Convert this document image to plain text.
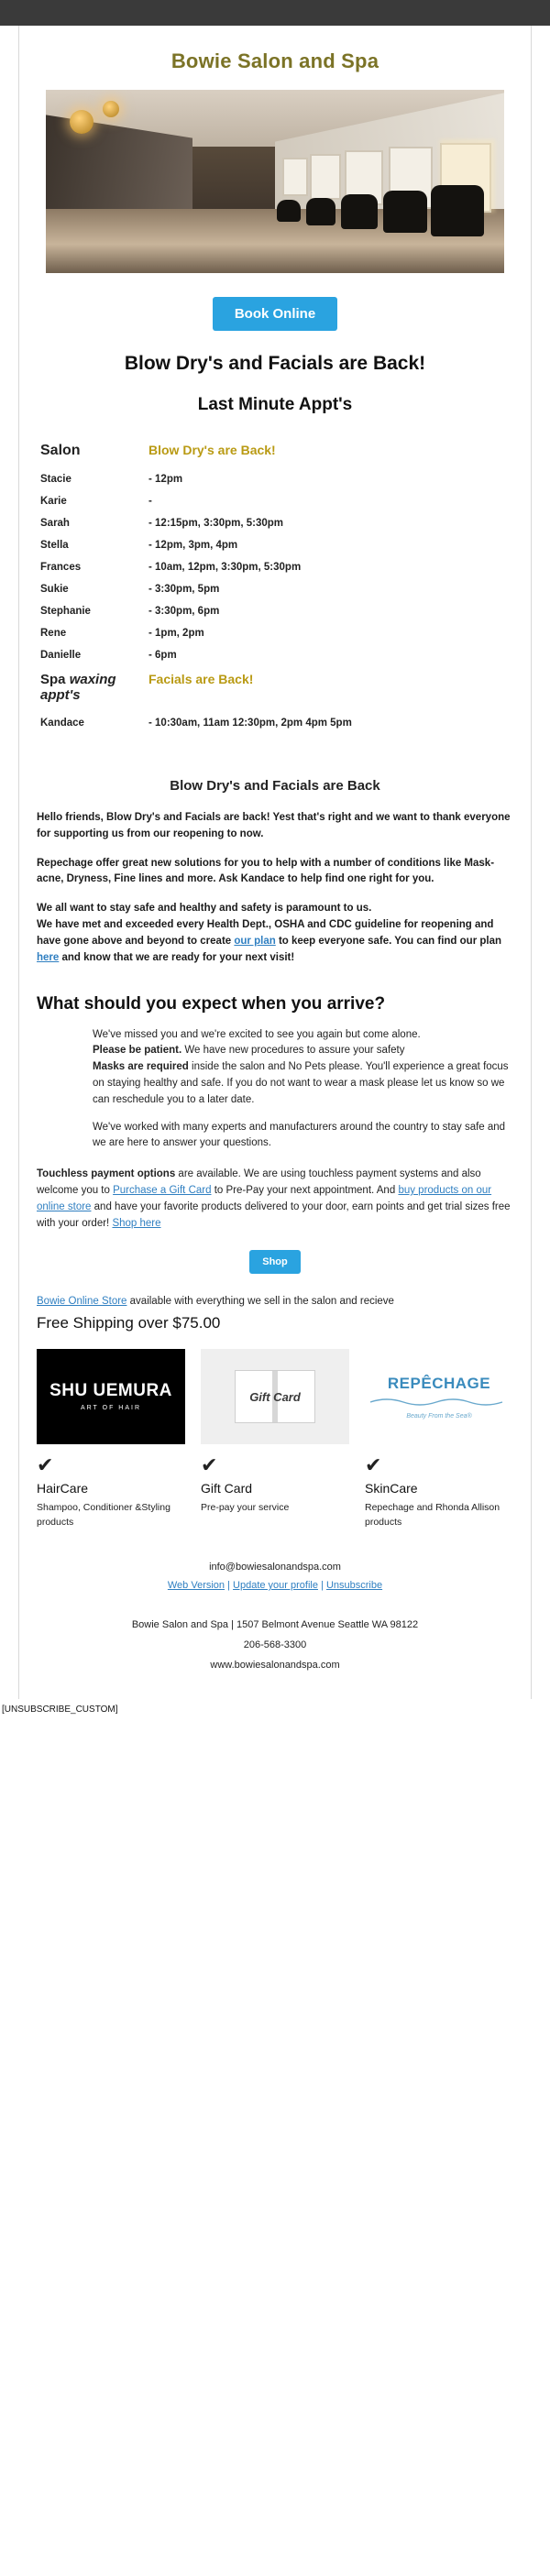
Bowie Salon and Spa
Book Online
Blow Dry's and Facials are Back!
Last Minute Appt's
Salon	Blow Dry's are Back!
Stacie	- 12pm
Karie	-
Sarah	- 12:15pm, 3:30pm, 5:30pm
Stella	- 12pm, 3pm, 4pm
Frances	- 10am, 12pm, 3:30pm, 5:30pm
Sukie	- 3:30pm, 5pm
Stephanie	- 3:30pm, 6pm
Rene	- 1pm, 2pm
Danielle	- 6pm
Spa waxing appt's	Facials are Back!
Kandace	- 10:30am, 11am 12:30pm, 2pm 4pm 5pm
Blow Dry's and Facials are Back

Hello friends, Blow Dry's and Facials are back! Yest that's right and we want to thank everyone for supporting us from our reopening to now.

Repechage offer great new solutions for you to help with a number of conditions like Mask-acne, Dryness, Fine lines and more. Ask Kandace to help find one right for you.

We all want to stay safe and healthy and safety is paramount to us.
We have met and exceeded every Health Dept., OSHA and CDC guideline for reopening and have gone above and beyond to create our plan to keep everyone safe. You can find our plan here and know that we are ready for your next visit!

What should you expect when you arrive?

We've missed you and we're excited to see you again but come alone.
Please be patient. We have new procedures to assure your safety
Masks are required inside the salon and No Pets please. You'll experience a great focus on staying healthy and safe. If you do not want to wear a mask please let us know so we can reschedule you to a later date.

We've worked with many experts and manufacturers around the country to stay safe and we are here to answer your questions.

Touchless payment options are available. We are using touchless payment systems and also welcome you to Purchase a Gift Card to Pre-Pay your next appointment. And buy products on our online store and have your favorite products delivered to your door, earn points and get trial sizes free with your order! Shop here
Shop
Bowie Online Store available with everything we sell in the salon and recieve
Free Shipping over $75.00
SHU UEMURA
ART OF HAIR
✔
HairCare
Shampoo, Conditioner &Styling products
Gift Card
✔
Gift Card
Pre-pay your service
REPÊCHAGE
Beauty From the Sea®
✔
SkinCare
Repechage and Rhonda Allison products
info@bowiesalonandspa.com
Web Version | Update your profile | Unsubscribe
Bowie Salon and Spa | 1507 Belmont Avenue Seattle WA 98122
206-568-3300
www.bowiesalonandspa.com
[UNSUBSCRIBE_CUSTOM]
